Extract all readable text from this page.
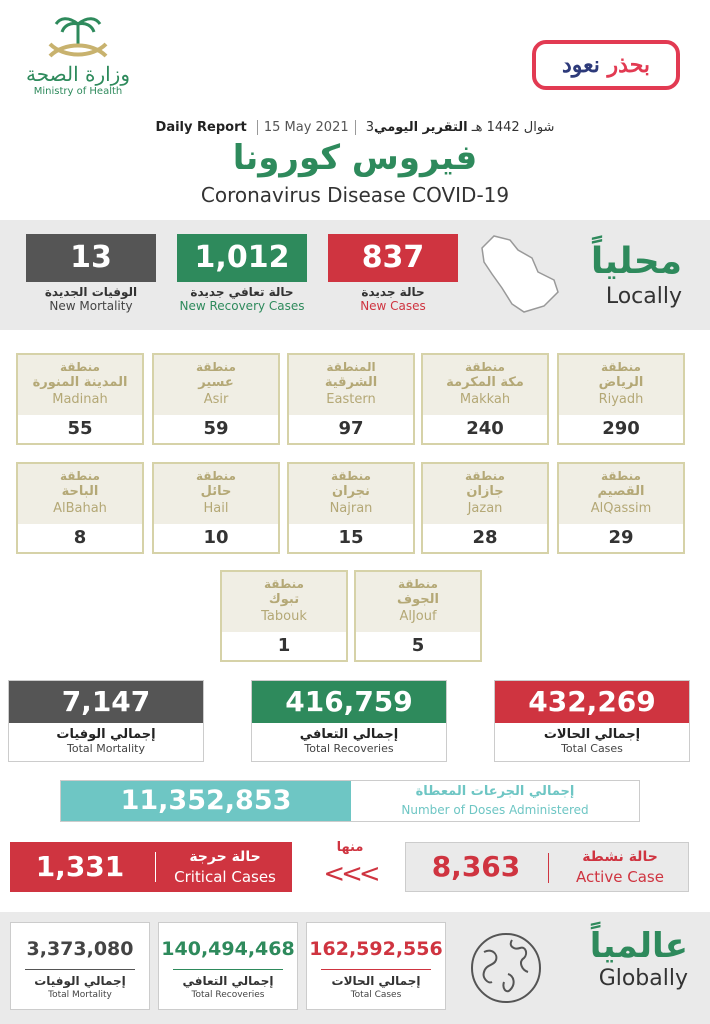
وزارة الصحة
Ministry of Health
بحذر نعود
Daily Report 15 May 2021 3شوال 1442 هـ التقرير اليومي
فيروس كورونا
Coronavirus Disease COVID-19
13
الوفيات الجديدة
New Mortality
1,012
حالة تعافي جديدة
New Recovery Cases
837
حالة جديدة
New Cases
محلياً
Locally
منطقة
الرياض
Riyadh
290
منطقة
مكة المكرمة
Makkah
240
المنطقة
الشرقية
Eastern
97
منطقة
عسير
Asir
59
منطقة
المدينة المنورة
Madinah
55
منطقة
القصيم
AlQassim
29
منطقة
جازان
Jazan
28
منطقة
نجران
Najran
15
منطقة
حائل
Hail
10
منطقة
الباحة
AlBahah
8
منطقة
الجوف
AlJouf
5
منطقة
تبوك
Tabouk
1
7,147
إجمالي الوفيات
Total Mortality
416,759
إجمالي التعافي
Total Recoveries
432,269
إجمالي الحالات
Total Cases
11,352,853	إجمالي الجرعات المعطاة
Number of Doses Administered
1,331	حالة حرجة
Critical Cases
منها
<<<	8,363	حالة نشطة
Active Case
3,373,080
إجمالي الوفيات
Total Mortality
140,494,468
إجمالي التعافي
Total Recoveries
162,592,556
إجمالي الحالات
Total Cases
عالمياً
Globally
